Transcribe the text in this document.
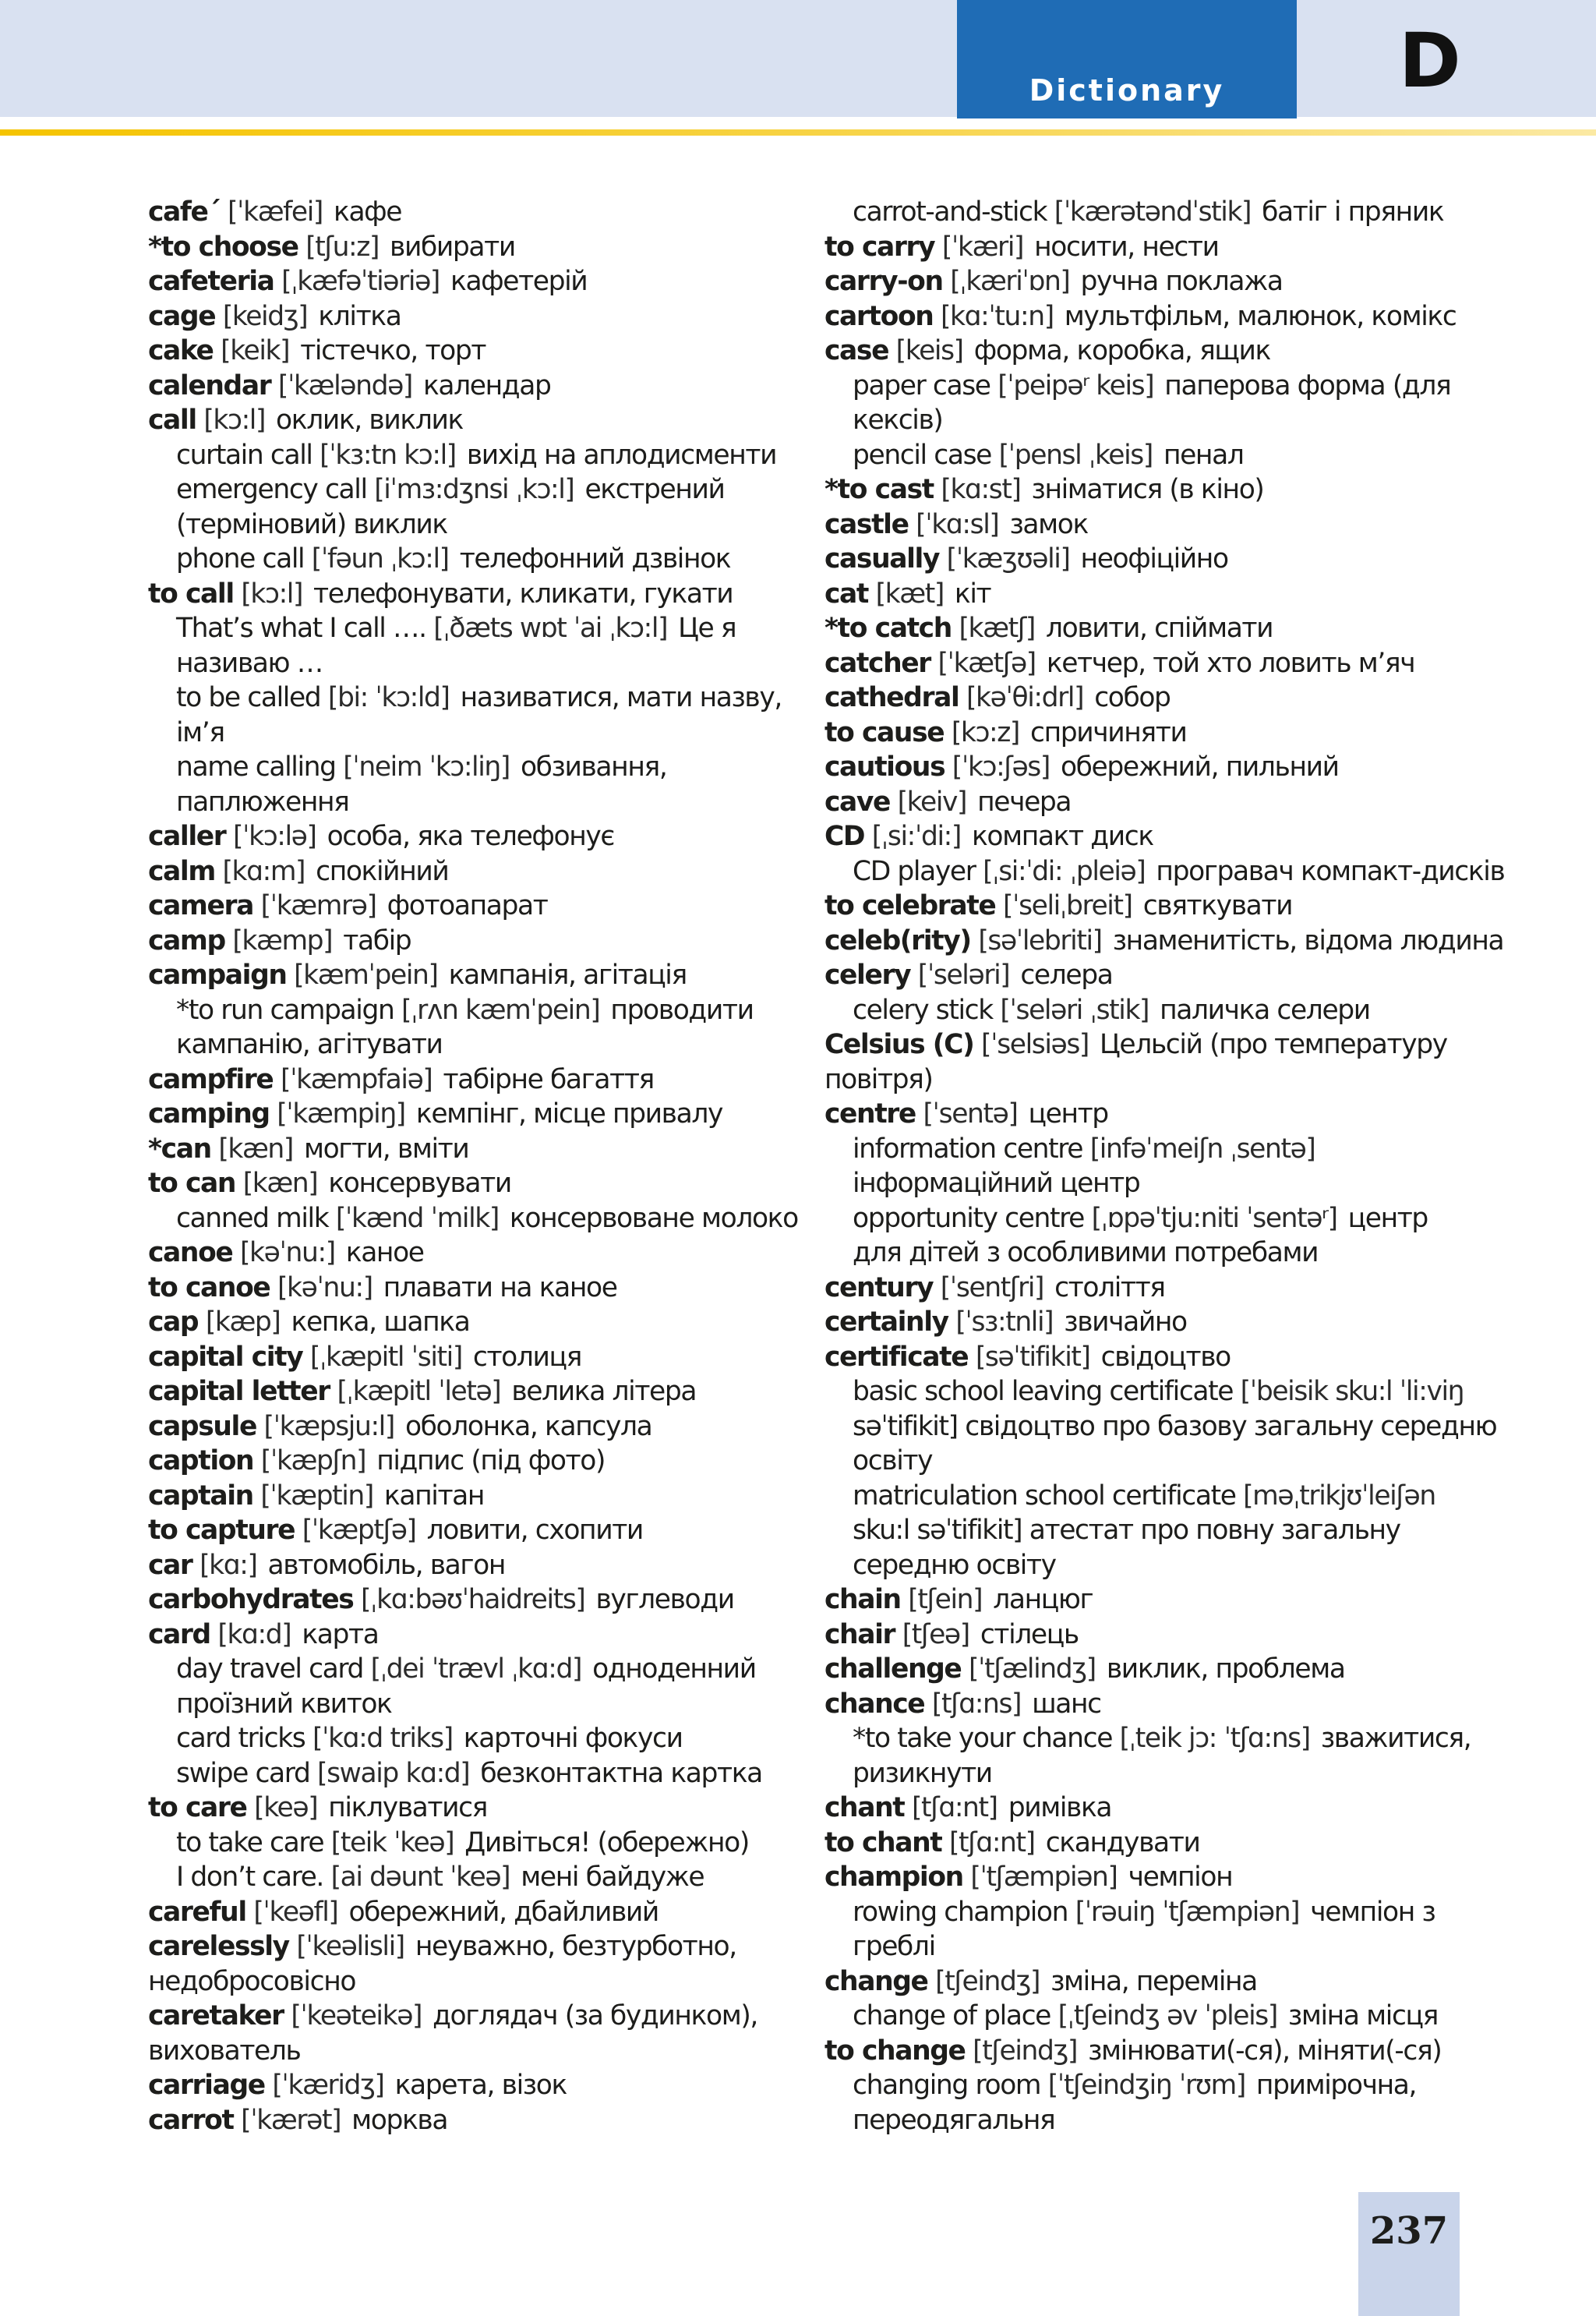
Dictionary D
cafe´ [ˈkæfei] кафе
*to choose [tʃu:z] вибирати
cafeteria [ˌkæfəˈtiəriə] кафетерій
cage [keidʒ] клітка
cake [keik] тістечко, торт
calendar [ˈkæləndə] календар
call [kɔ:l] оклик, виклик
curtain call [ˈkɜ:tn kɔ:l] вихід на аплодисменти
emergency call [iˈmɜ:dʒnsi ˌkɔ:l] екстрений
(терміновий) виклик
phone call [ˈfəun ˌkɔ:l] телефонний дзвінок
to call [kɔ:l] телефонувати, кликати, гукати
That’s what I call …. [ˌðæts wɒt ˈai ˌkɔ:l] Це я
називаю …
to be called [bi: ˈkɔ:ld] називатися, мати назву,
ім’я
name calling [ˈneim ˈkɔ:liŋ] обзивання,
паплюження
caller [ˈkɔ:lə] особа, яка телефонує
calm [kɑ:m] спокійний
camera [ˈkæmrə] фотоапарат
camp [kæmp] табір
campaign [kæmˈpein] кампанія, агітація
*to run campaign [ˌrʌn kæmˈpein] проводити
кампанію, агітувати
campfire [ˈkæmpfaiə] табірне багаття
camping [ˈkæmpiŋ] кемпінг, місце привалу
*can [kæn] могти, вміти
to can [kæn] консервувати
canned milk [ˈkænd ˈmilk] консервоване молоко
canoe [kəˈnu:] каное
to canoe [kəˈnu:] плавати на каное
cap [kæp] кепка, шапка
capital city [ˌkæpitl ˈsiti] столиця
capital letter [ˌkæpitl ˈletə] велика літера
capsule [ˈkæpsju:l] оболонка, капсула
caption [ˈkæpʃn] підпис (під фото)
captain [ˈkæptin] капітан
to capture [ˈkæptʃə] ловити, схопити
car [kɑ:] автомобіль, вагон
carbohydrates [ˌkɑ:bəʊˈhaidreits] вуглеводи
card [kɑ:d] карта
day travel card [ˌdei ˈtrævl ˌkɑ:d] одноденний
проїзний квиток
card tricks [ˈkɑ:d triks] карточні фокуси
swipe card [swaip kɑ:d] безконтактна картка
to care [keə] піклуватися
to take care [teik ˈkeə] Дивіться! (обережно)
I don’t care. [ai dəunt ˈkeə] мені байдуже
careful [ˈkeəfl] обережний, дбайливий
carelessly [ˈkeəlisli] неуважно, безтурботно,
недобросовісно
caretaker [ˈkeəteikə] доглядач (за будинком),
вихователь
carriage [ˈkæridʒ] карета, візок
carrot [ˈkærət] морква
carrot-and-stick [ˈkærətəndˈstik] батіг і пряник
to carry [ˈkæri] носити, нести
carry-on [ˌkæriˈɒn] ручна поклажа
cartoon [kɑ:ˈtu:n] мультфільм, малюнок, комікс
case [keis] форма, коробка, ящик
paper case [ˈpeipəʳ keis] паперова форма (для
кексів)
pencil case [ˈpensl ˌkeis] пенал
*to cast [kɑ:st] зніматися (в кіно)
castle [ˈkɑ:sl] замок
casually [ˈkæʒʊəli] неофіційно
cat [kæt] кіт
*to catch [kætʃ] ловити, спіймати
catcher [ˈkætʃə] кетчер, той хто ловить м’яч
cathedral [kəˈθi:drl] собор
to cause [kɔ:z] спричиняти
cautious [ˈkɔ:ʃəs] обережний, пильний
cave [keiv] печера
CD [ˌsi:ˈdi:] компакт диск
CD player [ˌsi:ˈdi: ˌpleiə] програвач компакт-дисків
to celebrate [ˈseliˌbreit] святкувати
celeb(rity) [səˈlebriti] знаменитість, відома людина
celery [ˈseləri] селера
celery stick [ˈseləri ˌstik] паличка селери
Celsius (C) [ˈselsiəs] Цельсій (про температуру
повітря)
centre [ˈsentə] центр
information centre [infəˈmeiʃn ˌsentə]
інформаційний центр
opportunity centre [ˌɒpəˈtju:niti ˈsentəʳ] центр
для дітей з особливими потребами
century [ˈsentʃri] століття
certainly [ˈsɜ:tnli] звичайно
certificate [səˈtifikit] свідоцтво
basic school leaving certificate [ˈbeisik sku:l ˈli:viŋ
səˈtifikit] свідоцтво про базову загальну середню
освіту
matriculation school certificate [məˌtrikjʊˈleiʃən
sku:l səˈtifikit] атестат про повну загальну
середню освіту
chain [tʃein] ланцюг
chair [tʃeə] стілець
challenge [ˈtʃælindʒ] виклик, проблема
chance [tʃɑ:ns] шанс
*to take your chance [ˌteik jɔ: ˈtʃɑ:ns] зважитися,
ризикнути
chant [tʃɑ:nt] римівка
to chant [tʃɑ:nt] скандувати
champion [ˈtʃæmpiən] чемпіон
rowing champion [ˈrəuiŋ ˈtʃæmpiən] чемпіон з
греблі
change [tʃeindʒ] зміна, переміна
change of place [ˌtʃeindʒ əv ˈpleis] зміна місця
to change [tʃeindʒ] змінювати(-ся), міняти(-ся)
changing room [ˈtʃeindʒiŋ ˈrʊm] примірочна,
переодягальня
237
